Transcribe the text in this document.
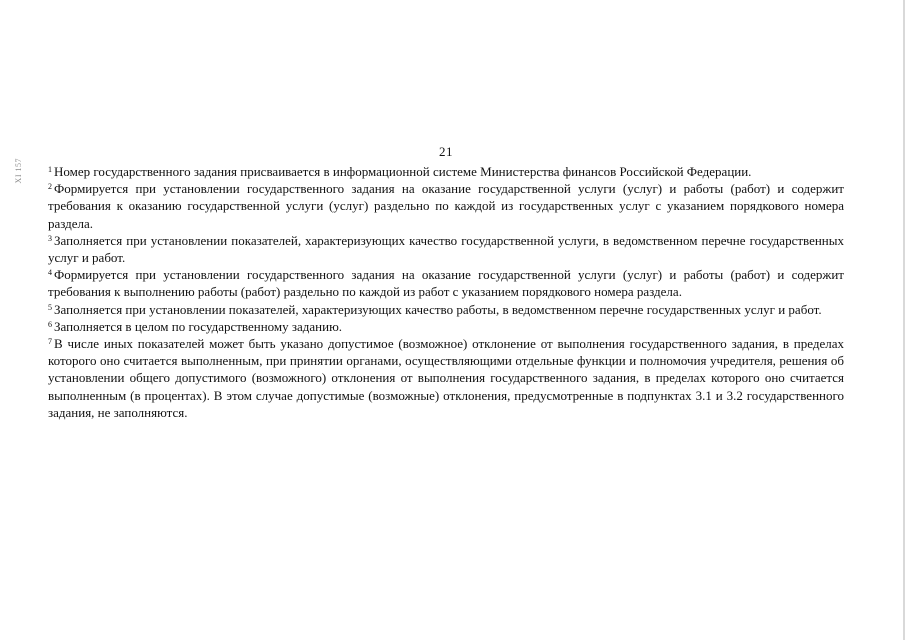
XI 157
21

$^1$ Номер государственного задания присваивается в информационной системе Министерства финансов Российской Федерации.

$^2$ Формируется при установлении государственного задания на оказание государственной услуги (услуг) и работы (работ) и содержит требования к оказанию государственной услуги (услуг) раздельно по каждой из государственных услуг с указанием порядкового номера раздела.

$^3$ Заполняется при установлении показателей, характеризующих качество государственной услуги, в ведомственном перечне государственных услуг и работ.

$^4$ Формируется при установлении государственного задания на оказание государственной услуги (услуг) и работы (работ) и содержит требования к выполнению работы (работ) раздельно по каждой из работ с указанием порядкового номера раздела.

$^5$ Заполняется при установлении показателей, характеризующих качество работы, в ведомственном перечне государственных услуг и работ.

$^6$ Заполняется в целом по государственному заданию.

$^7$ В числе иных показателей может быть указано допустимое (возможное) отклонение от выполнения государственного задания, в пределах которого оно считается выполненным, при принятии органами, осуществляющими отдельные функции и полномочия учредителя, решения об установлении общего допустимого (возможного) отклонения от выполнения государственного задания, в пределах которого оно считается выполненным (в процентах). В этом случае допустимые (возможные) отклонения, предусмотренные в подпунктах 3.1 и 3.2 государственного задания, не заполняются.
